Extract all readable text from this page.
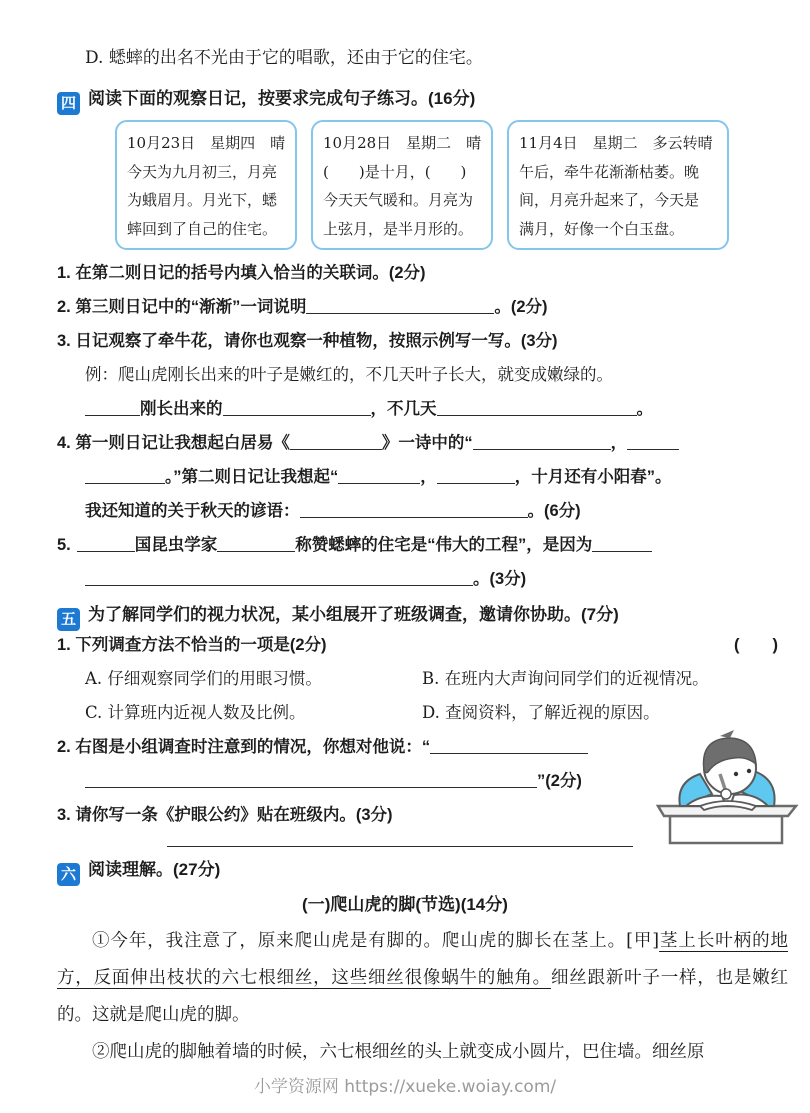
D. 蟋蟀的出名不光由于它的唱歌，还由于它的住宅。
四 阅读下面的观察日记，按要求完成句子练习。(16分)
10月23日　星期四　晴
今天为九月初三，月亮
为蛾眉月。月光下，蟋
蟀回到了自己的住宅。
10月28日　星期二　晴
(　　)是十月，(　　)
今天天气暖和。月亮为
上弦月，是半月形的。
11月4日　星期二　多云转晴
午后，牵牛花渐渐枯萎。晚
间，月亮升起来了，今天是
满月，好像一个白玉盘。
1. 在第二则日记的括号内填入恰当的关联词。(2分)
2. 第三则日记中的“渐渐”一词说明	。(2分)
3. 日记观察了牵牛花，请你也观察一种植物，按照示例写一写。(3分)
例：爬山虎刚长出来的叶子是嫩红的，不几天叶子长大，就变成嫩绿的。
刚长出来的	，不几天	。
4. 第一则日记让我想起白居易《	》一诗中的“	，
。”第二则日记让我想起“	，	，十月还有小阳春”。
我还知道的关于秋天的谚语：	。(6分)
5.	国昆虫学家	称赞蟋蟀的住宅是“伟大的工程”，是因为
。(3分)
五 为了解同学们的视力状况，某小组展开了班级调查，邀请你协助。(7分)
1. 下列调查方法不恰当的一项是(2分)	(　　)
A. 仔细观察同学们的用眼习惯。	B. 在班内大声询问同学们的近视情况。
C. 计算班内近视人数及比例。	D. 查阅资料，了解近视的原因。
2. 右图是小组调查时注意到的情况，你想对他说：“
”(2分)
3. 请你写一条《护眼公约》贴在班级内。(3分)
六 阅读理解。(27分)
(一)爬山虎的脚(节选)(14分)

①今年，我注意了，原来爬山虎是有脚的。爬山虎的脚长在茎上。[甲]茎上长叶柄的地方，反面伸出枝状的六七根细丝，这些细丝很像蜗牛的触角。细丝跟新叶子一样，也是嫩红的。这就是爬山虎的脚。

②爬山虎的脚触着墙的时候，六七根细丝的头上就变成小圆片，巴住墙。细丝原

小学资源网 https://xueke.woiay.com/
